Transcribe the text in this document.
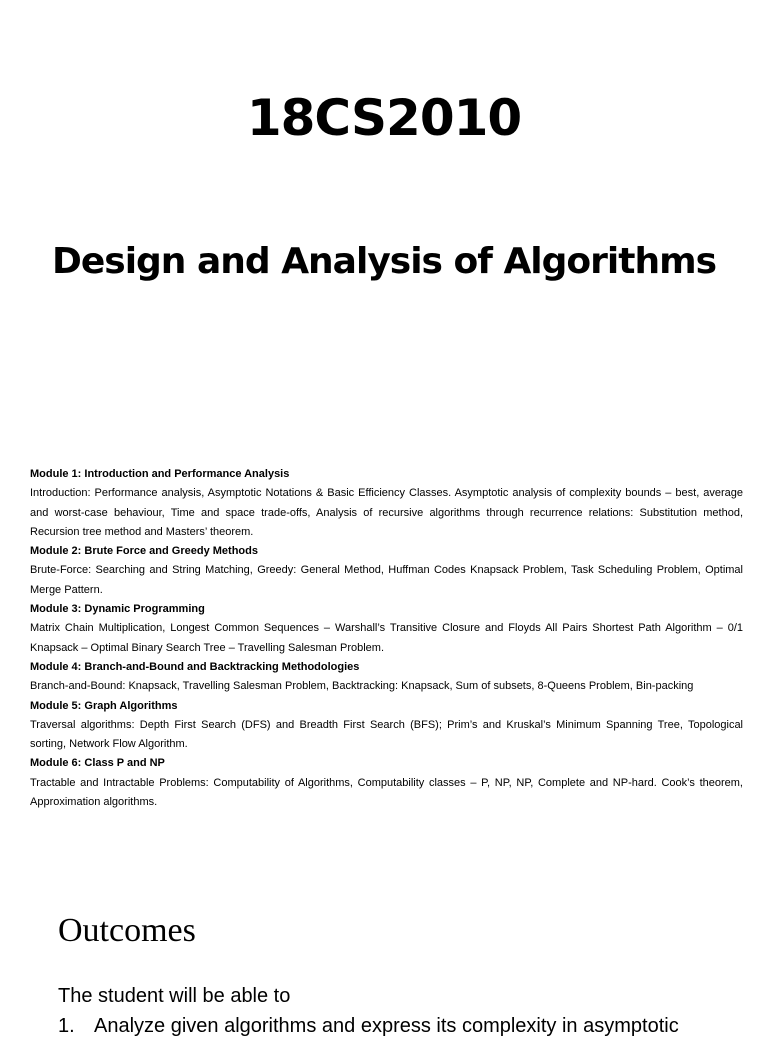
18CS2010
Design and Analysis of Algorithms

Module 1: Introduction and Performance Analysis

Introduction: Performance analysis, Asymptotic Notations & Basic Efficiency Classes. Asymptotic analysis of complexity bounds – best, average and worst-case behaviour, Time and space trade-offs, Analysis of recursive algorithms through recurrence relations: Substitution method, Recursion tree method and Masters’ theorem.

Module 2: Brute Force and Greedy Methods

Brute-Force: Searching and String Matching, Greedy: General Method, Huffman Codes Knapsack Problem, Task Scheduling Problem, Optimal Merge Pattern.

Module 3: Dynamic Programming

Matrix Chain Multiplication, Longest Common Sequences – Warshall’s Transitive Closure and Floyds All Pairs Shortest Path Algorithm – 0/1 Knapsack – Optimal Binary Search Tree – Travelling Salesman Problem.

Module 4: Branch-and-Bound and Backtracking Methodologies

Branch-and-Bound: Knapsack, Travelling Salesman Problem, Backtracking: Knapsack, Sum of subsets, 8-Queens Problem, Bin-packing

Module 5: Graph Algorithms

Traversal algorithms: Depth First Search (DFS) and Breadth First Search (BFS); Prim’s and Kruskal’s Minimum Spanning Tree, Topological sorting, Network Flow Algorithm.

Module 6: Class P and NP

Tractable and Intractable Problems: Computability of Algorithms, Computability classes – P, NP, NP, Complete and NP-hard. Cook’s theorem, Approximation algorithms.

Outcomes

The student will be able to

1. Analyze given algorithms and express its complexity in asymptotic
